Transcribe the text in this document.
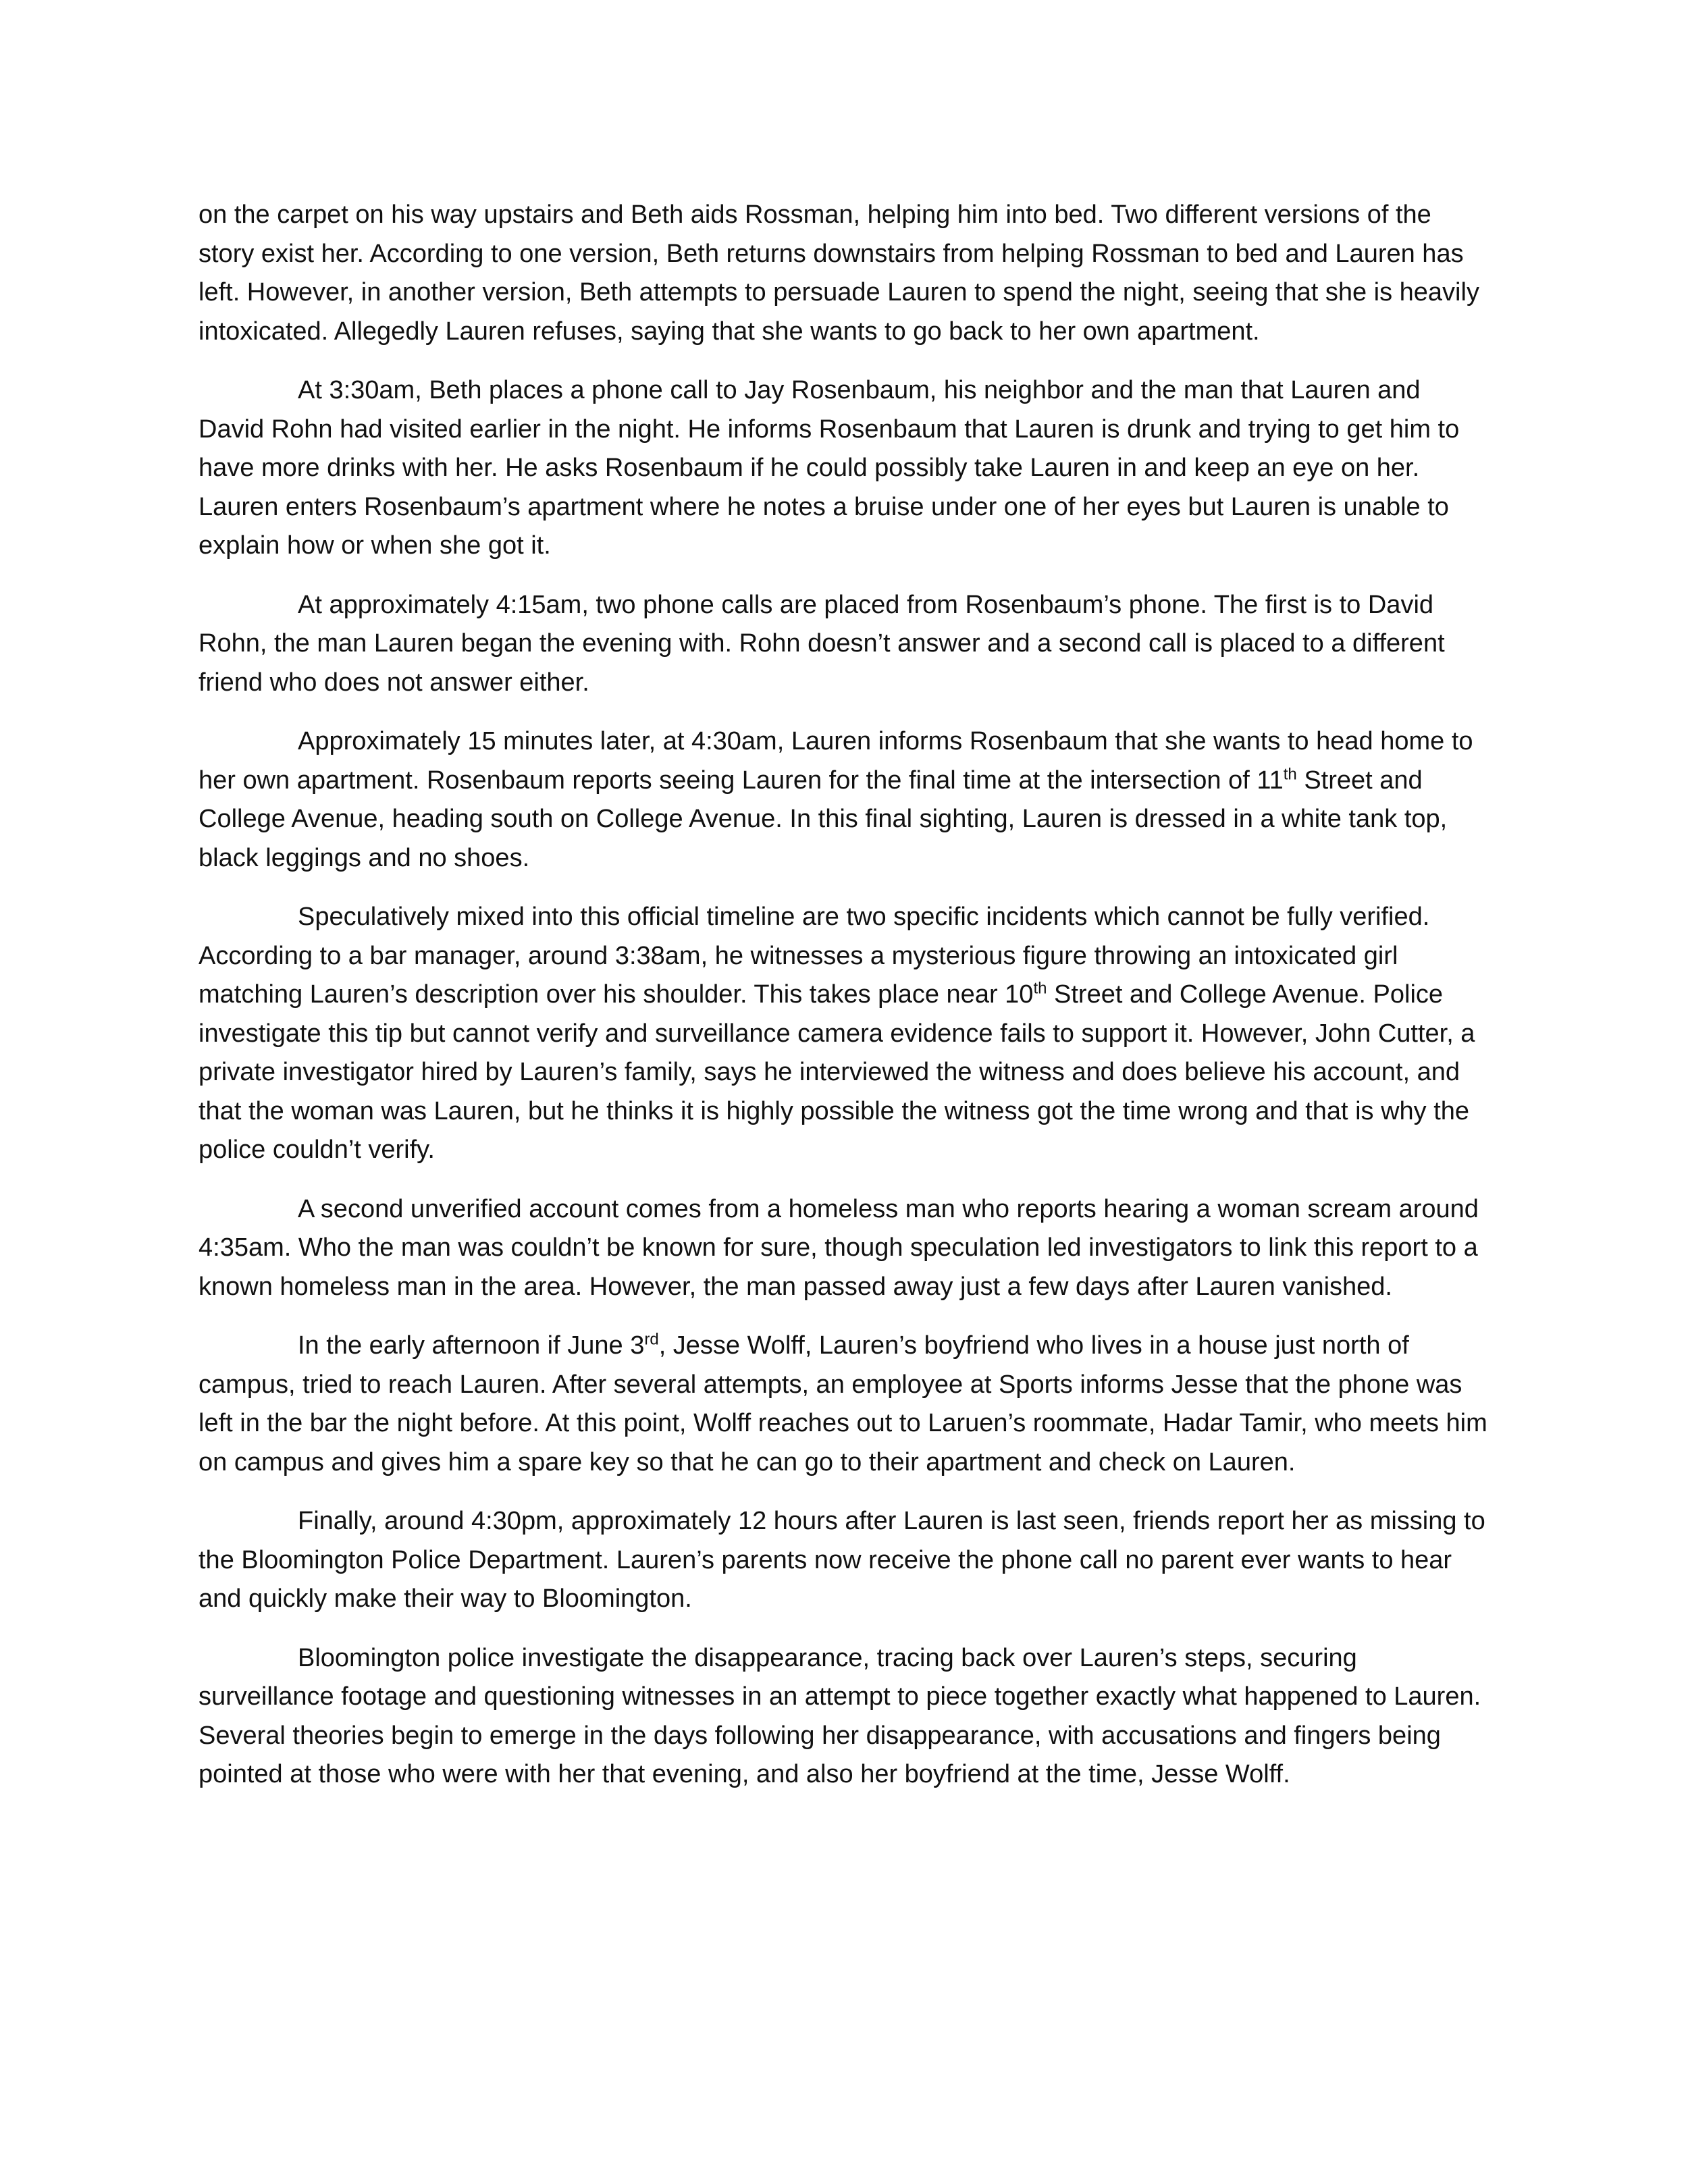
on the carpet on his way upstairs and Beth aids Rossman, helping him into bed. Two different versions of the story exist her. According to one version, Beth returns downstairs from helping Rossman to bed and Lauren has left. However, in another version, Beth attempts to persuade Lauren to spend the night, seeing that she is heavily intoxicated. Allegedly Lauren refuses, saying that she wants to go back to her own apartment.

At 3:30am, Beth places a phone call to Jay Rosenbaum, his neighbor and the man that Lauren and David Rohn had visited earlier in the night. He informs Rosenbaum that Lauren is drunk and trying to get him to have more drinks with her. He asks Rosenbaum if he could possibly take Lauren in and keep an eye on her. Lauren enters Rosenbaum’s apartment where he notes a bruise under one of her eyes but Lauren is unable to explain how or when she got it.

At approximately 4:15am, two phone calls are placed from Rosenbaum’s phone. The first is to David Rohn, the man Lauren began the evening with. Rohn doesn’t answer and a second call is placed to a different friend who does not answer either.

Approximately 15 minutes later, at 4:30am, Lauren informs Rosenbaum that she wants to head home to her own apartment. Rosenbaum reports seeing Lauren for the final time at the intersection of 11th Street and College Avenue, heading south on College Avenue. In this final sighting, Lauren is dressed in a white tank top, black leggings and no shoes.

Speculatively mixed into this official timeline are two specific incidents which cannot be fully verified. According to a bar manager, around 3:38am, he witnesses a mysterious figure throwing an intoxicated girl matching Lauren’s description over his shoulder. This takes place near 10th Street and College Avenue. Police investigate this tip but cannot verify and surveillance camera evidence fails to support it. However, John Cutter, a private investigator hired by Lauren’s family, says he interviewed the witness and does believe his account, and that the woman was Lauren, but he thinks it is highly possible the witness got the time wrong and that is why the police couldn’t verify.

A second unverified account comes from a homeless man who reports hearing a woman scream around 4:35am. Who the man was couldn’t be known for sure, though speculation led investigators to link this report to a known homeless man in the area. However, the man passed away just a few days after Lauren vanished.

In the early afternoon if June 3rd, Jesse Wolff, Lauren’s boyfriend who lives in a house just north of campus, tried to reach Lauren. After several attempts, an employee at Sports informs Jesse that the phone was left in the bar the night before. At this point, Wolff reaches out to Laruen’s roommate, Hadar Tamir, who meets him on campus and gives him a spare key so that he can go to their apartment and check on Lauren.

Finally, around 4:30pm, approximately 12 hours after Lauren is last seen, friends report her as missing to the Bloomington Police Department. Lauren’s parents now receive the phone call no parent ever wants to hear and quickly make their way to Bloomington.

Bloomington police investigate the disappearance, tracing back over Lauren’s steps, securing surveillance footage and questioning witnesses in an attempt to piece together exactly what happened to Lauren. Several theories begin to emerge in the days following her disappearance, with accusations and fingers being pointed at those who were with her that evening, and also her boyfriend at the time, Jesse Wolff.
